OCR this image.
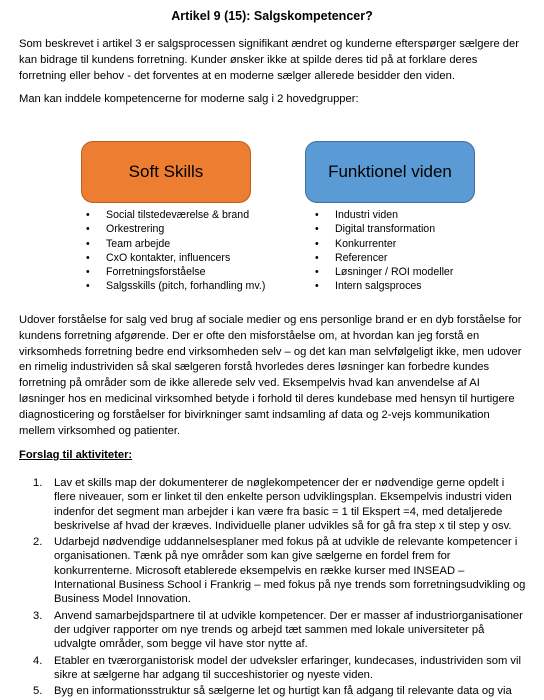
Artikel 9 (15): Salgskompetencer?

Som beskrevet i artikel 3 er salgsprocessen signifikant ændret og kunderne efterspørger sælgere der kan bidrage til kundens forretning. Kunder ønsker ikke at spilde deres tid på at forklare deres forretning eller behov - det forventes at en moderne sælger allerede besidder den viden.

Man kan inddele kompetencerne for moderne salg i 2 hovedgrupper:

Soft Skills	Funktionel viden
• Social tilstedeværelse & brand
• Orkestrering
• Team arbejde
• CxO kontakter, influencers
• Forretningsforståelse
• Salgsskills (pitch, forhandling mv.)
• Industri viden
• Digital transformation
• Konkurrenter
• Referencer
• Løsninger / ROI modeller
• Intern salgsproces

Udover forståelse for salg ved brug af sociale medier og ens personlige brand er en dyb forståelse for kundens forretning afgørende. Der er ofte den misforståelse om, at hvordan kan jeg forstå en virksomheds forretning bedre end virksomheden selv – og det kan man selvfølgeligt ikke, men udover en rimelig industrividen så skal sælgeren forstå hvorledes deres løsninger kan forbedre kundes forretning på områder som de ikke allerede selv ved. Eksempelvis hvad kan anvendelse af AI løsninger hos en medicinal virksomhed betyde i forhold til deres kundebase med hensyn til hurtigere diagnosticering og forståelser for bivirkninger samt indsamling af data og 2-vejs kommunikation mellem virksomhed og patienter.

Forslag til aktiviteter:
1. Lav et skills map der dokumenterer de nøglekompetencer der er nødvendige gerne opdelt i flere niveauer, som er linket til den enkelte person udviklingsplan. Eksempelvis industri viden indenfor det segment man arbejder i kan være fra basic = 1 til Ekspert =4, med detaljerede beskrivelse af hvad der kræves. Individuelle planer udvikles så for gå fra step x til step y osv.
2. Udarbejd nødvendige uddannelsesplaner med fokus på at udvikle de relevante kompetencer i organisationen. Tænk på nye områder som kan give sælgerne en fordel frem for konkurrenterne. Microsoft etablerede eksempelvis en række kurser med INSEAD – International Business School i Frankrig – med fokus på nye trends som forretningsudvikling og Business Model Innovation.
3. Anvend samarbejdspartnere til at udvikle kompetencer. Der er masser af industriorganisationer der udgiver rapporter om nye trends og arbejd tæt sammen med lokale universiteter på udvalgte områder, som begge vil have stor nytte af.
4. Etabler en tværorganistorisk model der udveksler erfaringer, kundecases, industrividen som vil sikre at sælgerne har adgang til succeshistorier og nyeste viden.
5. Byg en informationsstruktur så sælgerne let og hurtigt kan få adgang til relevante data og via
